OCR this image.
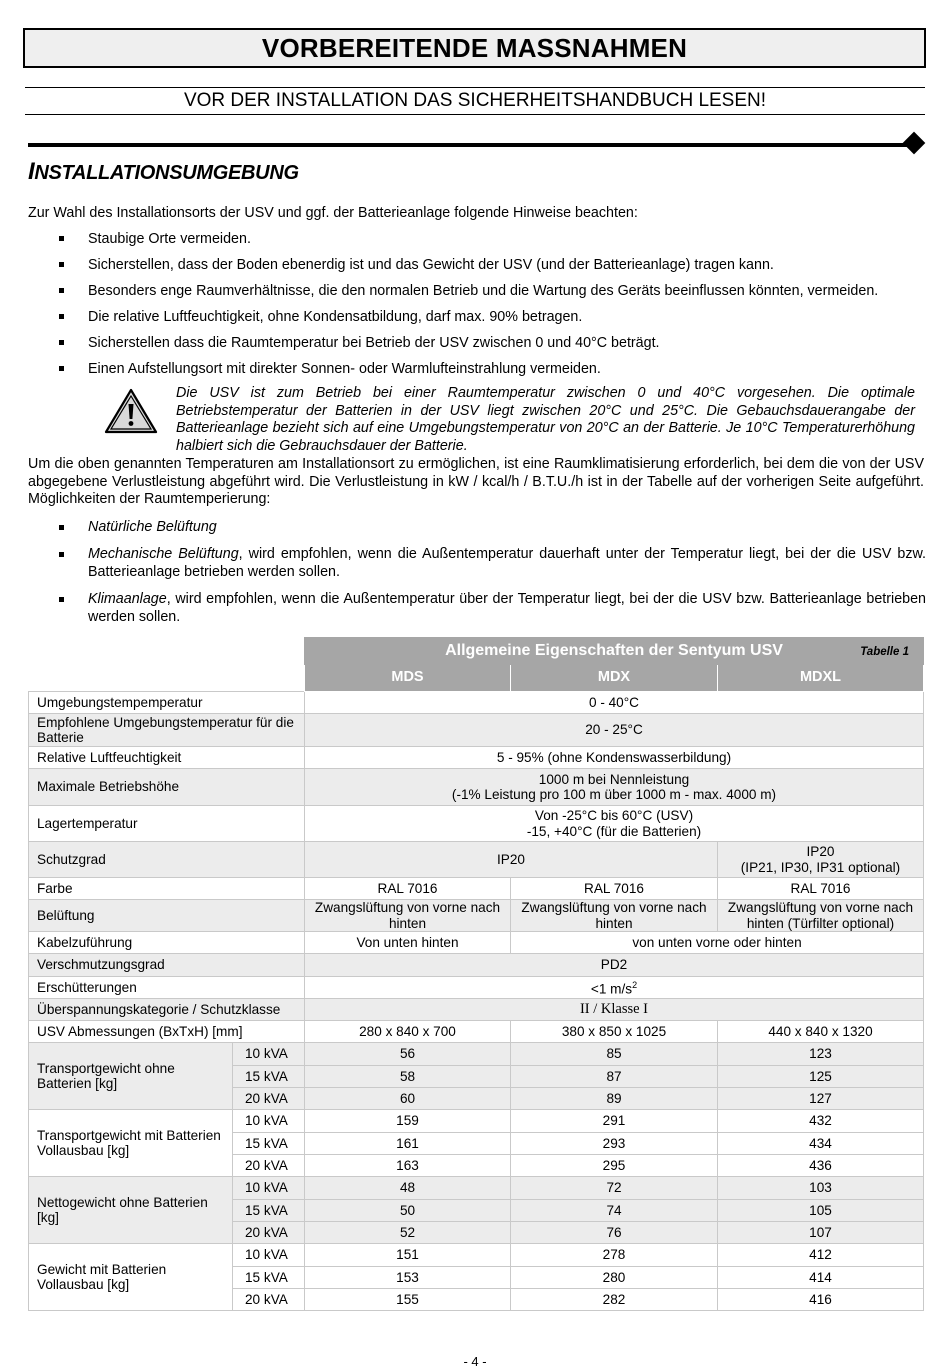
VORBEREITENDE MASSNAHMEN
VOR DER INSTALLATION DAS SICHERHEITSHANDBUCH LESEN!
INSTALLATIONSUMGEBUNG
Zur Wahl des Installationsorts der USV und ggf. der Batterieanlage folgende Hinweise beachten:
Staubige Orte vermeiden.
Sicherstellen, dass der Boden ebenerdig ist und das Gewicht der USV (und der Batterieanlage) tragen kann.
Besonders enge Raumverhältnisse, die den normalen Betrieb und die Wartung des Geräts beeinflussen könnten, vermeiden.
Die relative Luftfeuchtigkeit, ohne Kondensatbildung, darf max. 90% betragen.
Sicherstellen dass die Raumtemperatur bei Betrieb der USV zwischen 0 und 40°C beträgt.
Einen Aufstellungsort mit direkter Sonnen- oder Warmlufteinstrahlung vermeiden.
Die USV ist zum Betrieb bei einer Raumtemperatur zwischen 0 und 40°C vorgesehen. Die optimale Betriebstemperatur der Batterien in der USV liegt zwischen 20°C und 25°C. Die Gebauchsdauerangabe der Batterieanlage bezieht sich auf eine Umgebungstemperatur von 20°C an der Batterie. Je 10°C Temperaturerhöhung halbiert sich die Gebrauchsdauer der Batterie.
Um die oben genannten Temperaturen am Installationsort zu ermöglichen, ist eine Raumklimatisierung erforderlich, bei dem die von der USV abgegebene Verlustleistung abgeführt wird. Die Verlustleistung in kW / kcal/h / B.T.U./h ist in der Tabelle auf der vorherigen Seite aufgeführt. Möglichkeiten der Raumtemperierung:
Natürliche Belüftung
Mechanische Belüftung, wird empfohlen, wenn die Außentemperatur dauerhaft unter der Temperatur liegt, bei der die USV bzw. Batterieanlage betrieben werden sollen.
Klimaanlage, wird empfohlen, wenn die Außentemperatur über der Temperatur liegt, bei der die USV bzw. Batterieanlage betrieben werden sollen.
		Allgemeine Eigenschaften der Sentyum USV Tabelle 1		

		MDS	MDX	MDXL
Umgebungstempemperatur		0 - 40°C		
Empfohlene Umgebungstemperatur für die Batterie		20 - 25°C		
Relative Luftfeuchtigkeit		5 - 95% (ohne Kondenswasserbildung)		
Maximale Betriebshöhe		1000 m bei Nennleistung
(-1% Leistung pro 100 m über 1000 m - max. 4000 m)		

Lagertemperatur		Von -25°C bis 60°C (USV)
-15, +40°C (für die Batterien)		

Schutzgrad		IP20		IP20
(IP21, IP30, IP31 optional)

Farbe		RAL 7016	RAL 7016	RAL 7016
Belüftung		Zwangslüftung von vorne nach hinten	Zwangslüftung von vorne nach hinten	Zwangslüftung von vorne nach hinten (Türfilter optional)
Kabelzuführung		Von unten hinten	von unten vorne oder hinten	
Verschmutzungsgrad		PD2		
Erschütterungen		<1 $m/s^2$
Überspannungskategorie / Schutzklasse		II / Klasse I		
USV Abmessungen (BxTxH) [mm]		280 x 840 x 700	380 x 850 x 1025	440 x 840 x 1320
Transportgewicht ohne Batterien [kg]	10 kVA	56	85	123
	15 kVA	58	87	125
	20 kVA	60	89	127
Transportgewicht mit Batterien Vollausbau [kg]	10 kVA	159	291	432
	15 kVA	161	293	434
	20 kVA	163	295	436
Nettogewicht ohne Batterien [kg]	10 kVA	48	72	103
	15 kVA	50	74	105
	20 kVA	52	76	107
Gewicht mit Batterien Vollausbau [kg]	10 kVA	151	278	412
	15 kVA	153	280	414
	20 kVA	155	282	416
- 4 -
